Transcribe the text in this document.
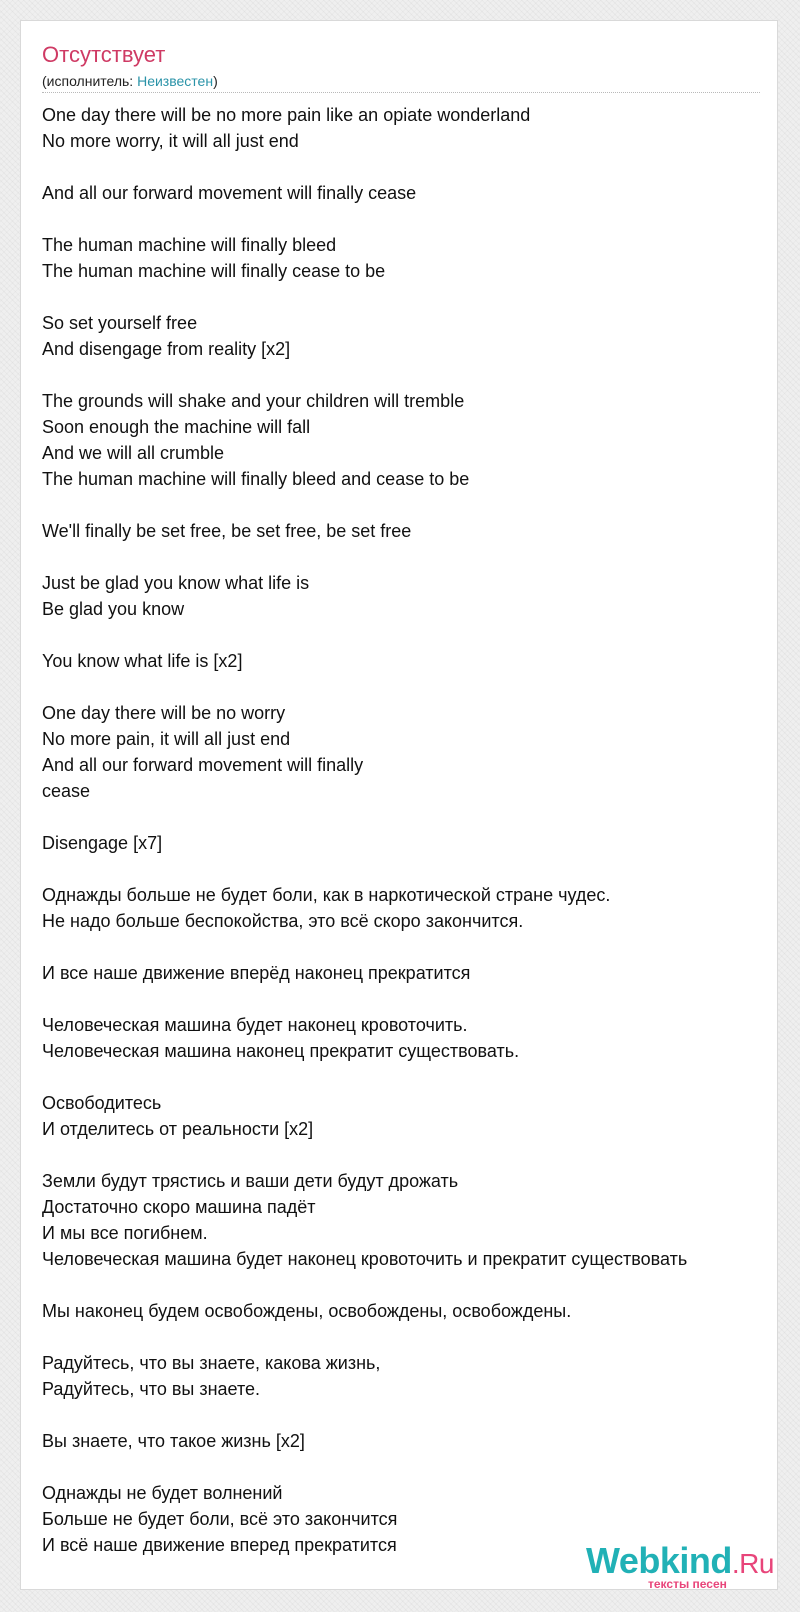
Отсутствует
(исполнитель: Неизвестен)
One day there will be no more pain like an opiate wonderland
No more worry, it will all just end
And all our forward movement will finally cease
The human machine will finally bleed
The human machine will finally cease to be
So set yourself free
And disengage from reality [x2]
The grounds will shake and your children will tremble
Soon enough the machine will fall
And we will all crumble
The human machine will finally bleed and cease to be
We'll finally be set free, be set free, be set free
Just be glad you know what life is
Be glad you know
You know what life is [x2]
One day there will be no worry
No more pain, it will all just end
And all our forward movement will finally
cease
Disengage [x7]
Однажды больше не будет боли, как в наркотической стране чудес.
Не надо больше беспокойства, это всё скоро закончится.
И все наше движение вперёд наконец прекратится
Человеческая машина будет наконец кровоточить.
Человеческая машина наконец прекратит существовать.
Освободитесь
И отделитесь от реальности [x2]
Земли будут трястись и ваши дети будут дрожать
Достаточно скоро машина падёт
И мы все погибнем.
Человеческая машина будет наконец кровоточить и прекратит существовать
Мы наконец будем освобождены, освобождены, освобождены.
Радуйтесь, что вы знаете, какова жизнь,
Радуйтесь, что вы знаете.
Вы знаете, что такое жизнь [x2]
Однажды не будет волнений
Больше не будет боли, всё это закончится
И всё наше движение вперед прекратится	Webkind.Ru
тексты песен
